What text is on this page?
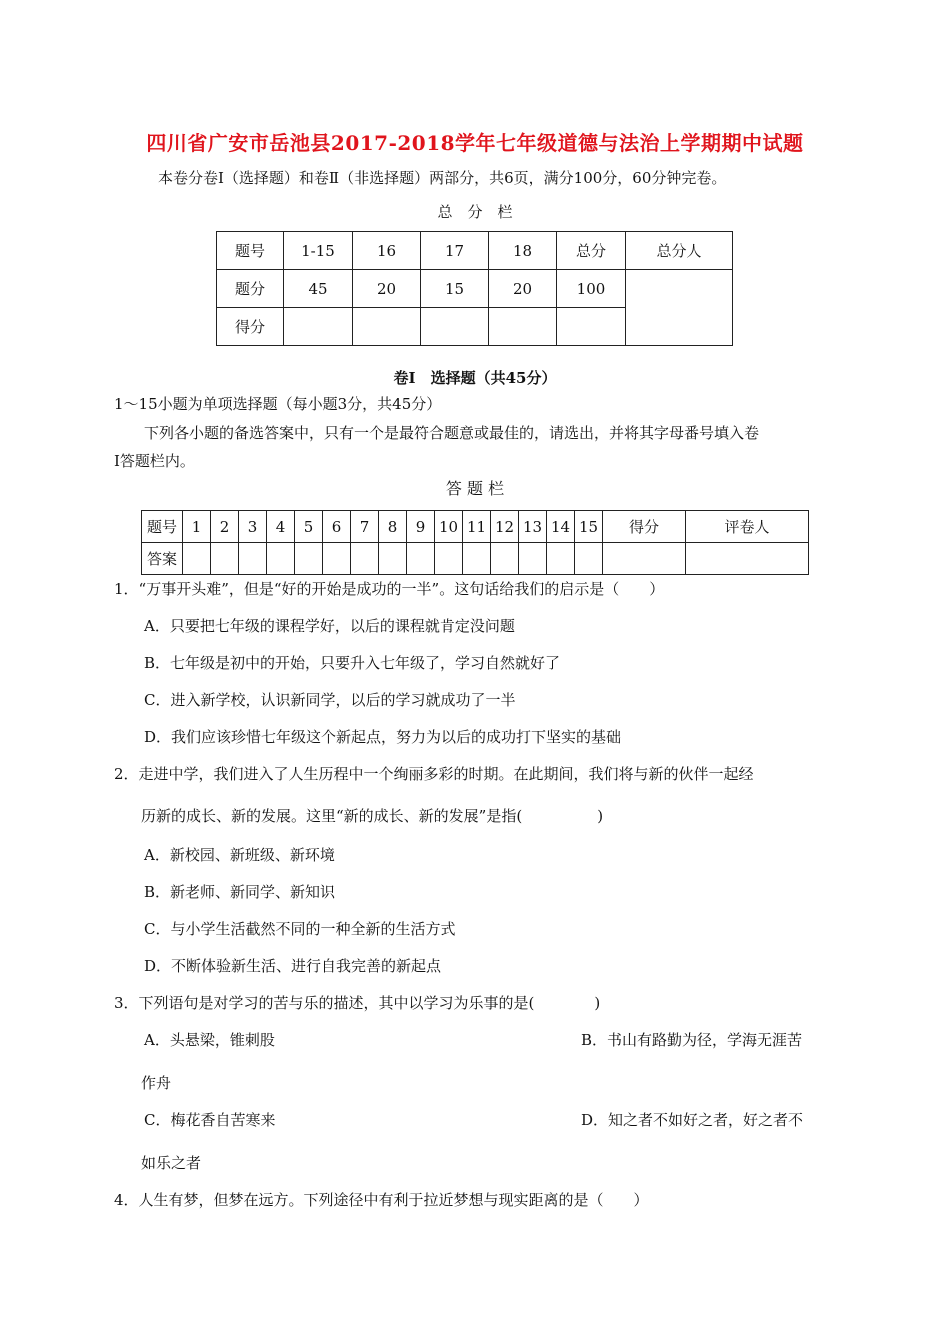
四川省广安市岳池县2017-2018学年七年级道德与法治上学期期中试题
本卷分卷Ⅰ（选择题）和卷Ⅱ（非选择题）两部分，共6页，满分100分，60分钟完卷。
总　分　栏
题号	1-15	16	17	18	总分	总分人
题分	45	20	15	20	100	
得分						
卷Ⅰ　选择题（共45分）
1～15小题为单项选择题（每小题3分，共45分）
下列各小题的备选答案中，只有一个是最符合题意或最佳的，请选出，并将其字母番号填入卷
Ⅰ答题栏内。
答 题 栏
题号	1	2	3	4	5	6	7	8	9	10	11	12	13	14	15	得分	评卷人
答案																	
1．“万事开头难”，但是“好的开始是成功的一半”。这句话给我们的启示是（　　）
A．只要把七年级的课程学好，以后的课程就肯定没问题
B．七年级是初中的开始，只要升入七年级了，学习自然就好了
C．进入新学校，认识新同学，以后的学习就成功了一半
D．我们应该珍惜七年级这个新起点，努力为以后的成功打下坚实的基础
2．走进中学，我们进入了人生历程中一个绚丽多彩的时期。在此期间，我们将与新的伙伴一起经
历新的成长、新的发展。这里“新的成长、新的发展”是指(　　　　　)
A．新校园、新班级、新环境
B．新老师、新同学、新知识
C．与小学生活截然不同的一种全新的生活方式
D．不断体验新生活、进行自我完善的新起点
3．下列语句是对学习的苦与乐的描述，其中以学习为乐事的是(　　　　)
A．头悬梁，锥刺股	B．书山有路勤为径，学海无涯苦
作舟
C．梅花香自苦寒来	D．知之者不如好之者，好之者不
如乐之者
4．人生有梦，但梦在远方。下列途径中有利于拉近梦想与现实距离的是（　　）
